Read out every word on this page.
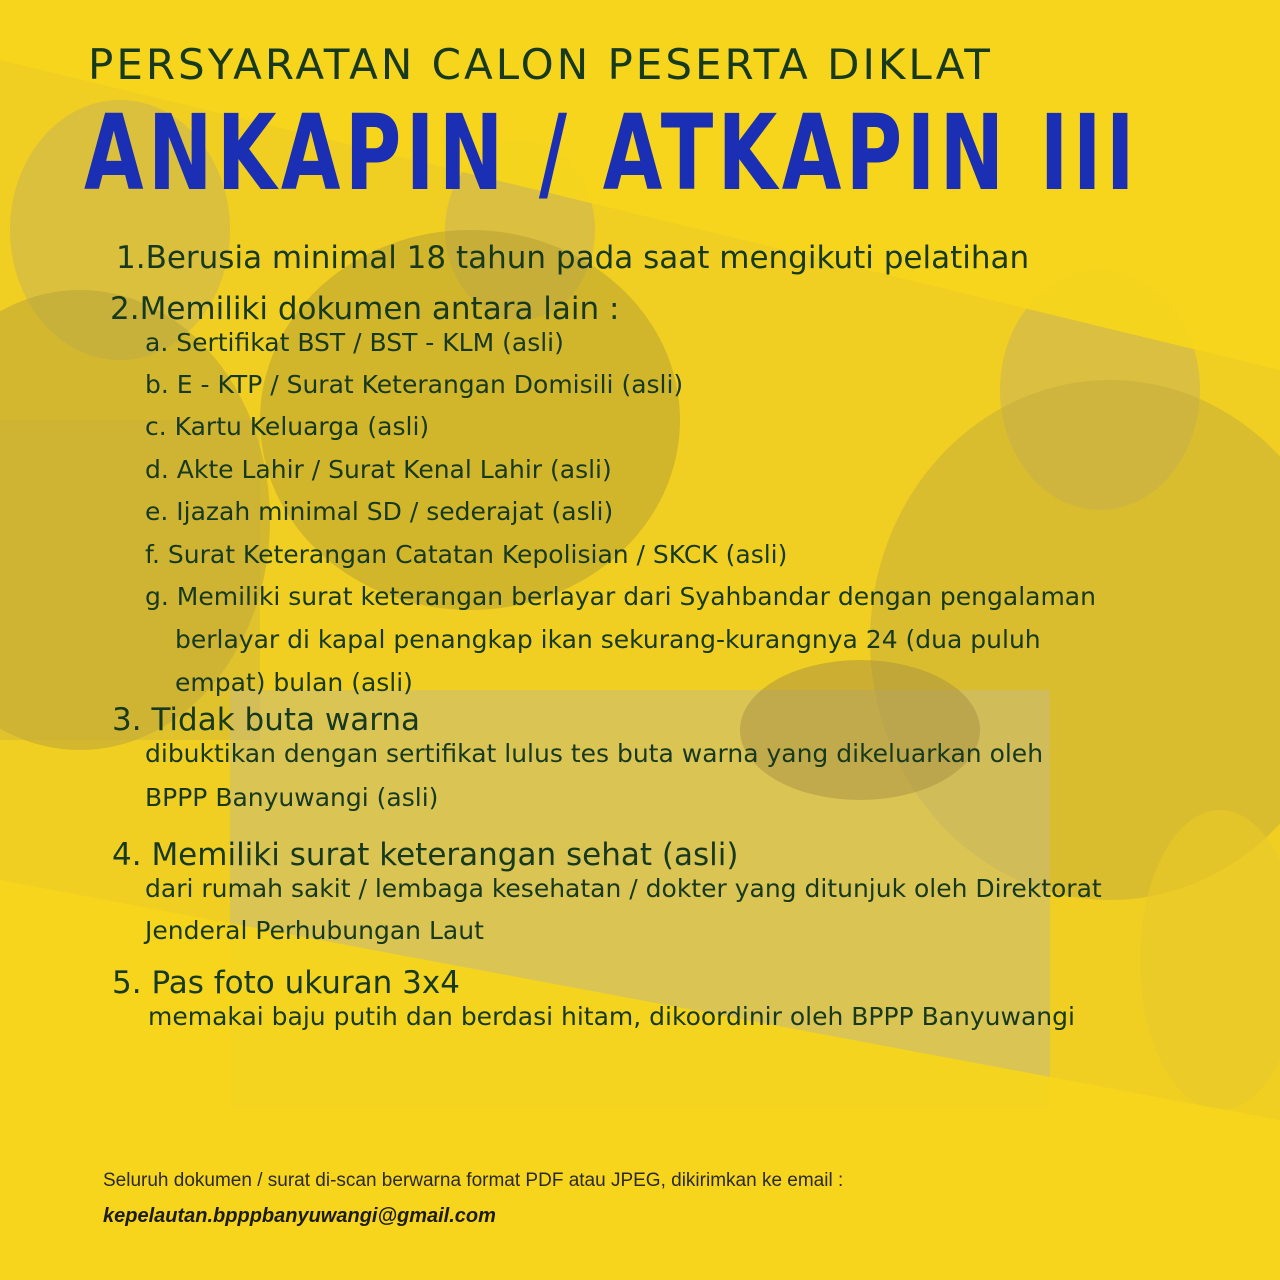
PERSYARATAN CALON PESERTA DIKLAT
ANKAPIN / ATKAPIN III
1.Berusia minimal 18 tahun pada saat mengikuti pelatihan
2.Memiliki dokumen antara lain :
a. Sertifikat BST / BST - KLM (asli)
b. E - KTP / Surat Keterangan Domisili (asli)
c. Kartu Keluarga (asli)
d. Akte Lahir / Surat Kenal Lahir (asli)
e. Ijazah minimal SD / sederajat (asli)
f. Surat Keterangan Catatan Kepolisian / SKCK (asli)
g. Memiliki surat keterangan berlayar dari Syahbandar dengan pengalaman
berlayar di kapal penangkap ikan sekurang-kurangnya 24 (dua puluh
empat) bulan (asli)
3. Tidak buta warna
dibuktikan dengan sertifikat lulus tes buta warna yang dikeluarkan oleh
BPPP Banyuwangi (asli)
4. Memiliki surat keterangan sehat (asli)
dari rumah sakit / lembaga kesehatan / dokter yang ditunjuk oleh Direktorat
Jenderal Perhubungan Laut
5. Pas foto ukuran 3x4
memakai baju putih dan berdasi hitam, dikoordinir oleh BPPP Banyuwangi
Seluruh dokumen / surat di-scan berwarna format PDF atau JPEG, dikirimkan ke email :
kepelautan.bpppbanyuwangi@gmail.com
